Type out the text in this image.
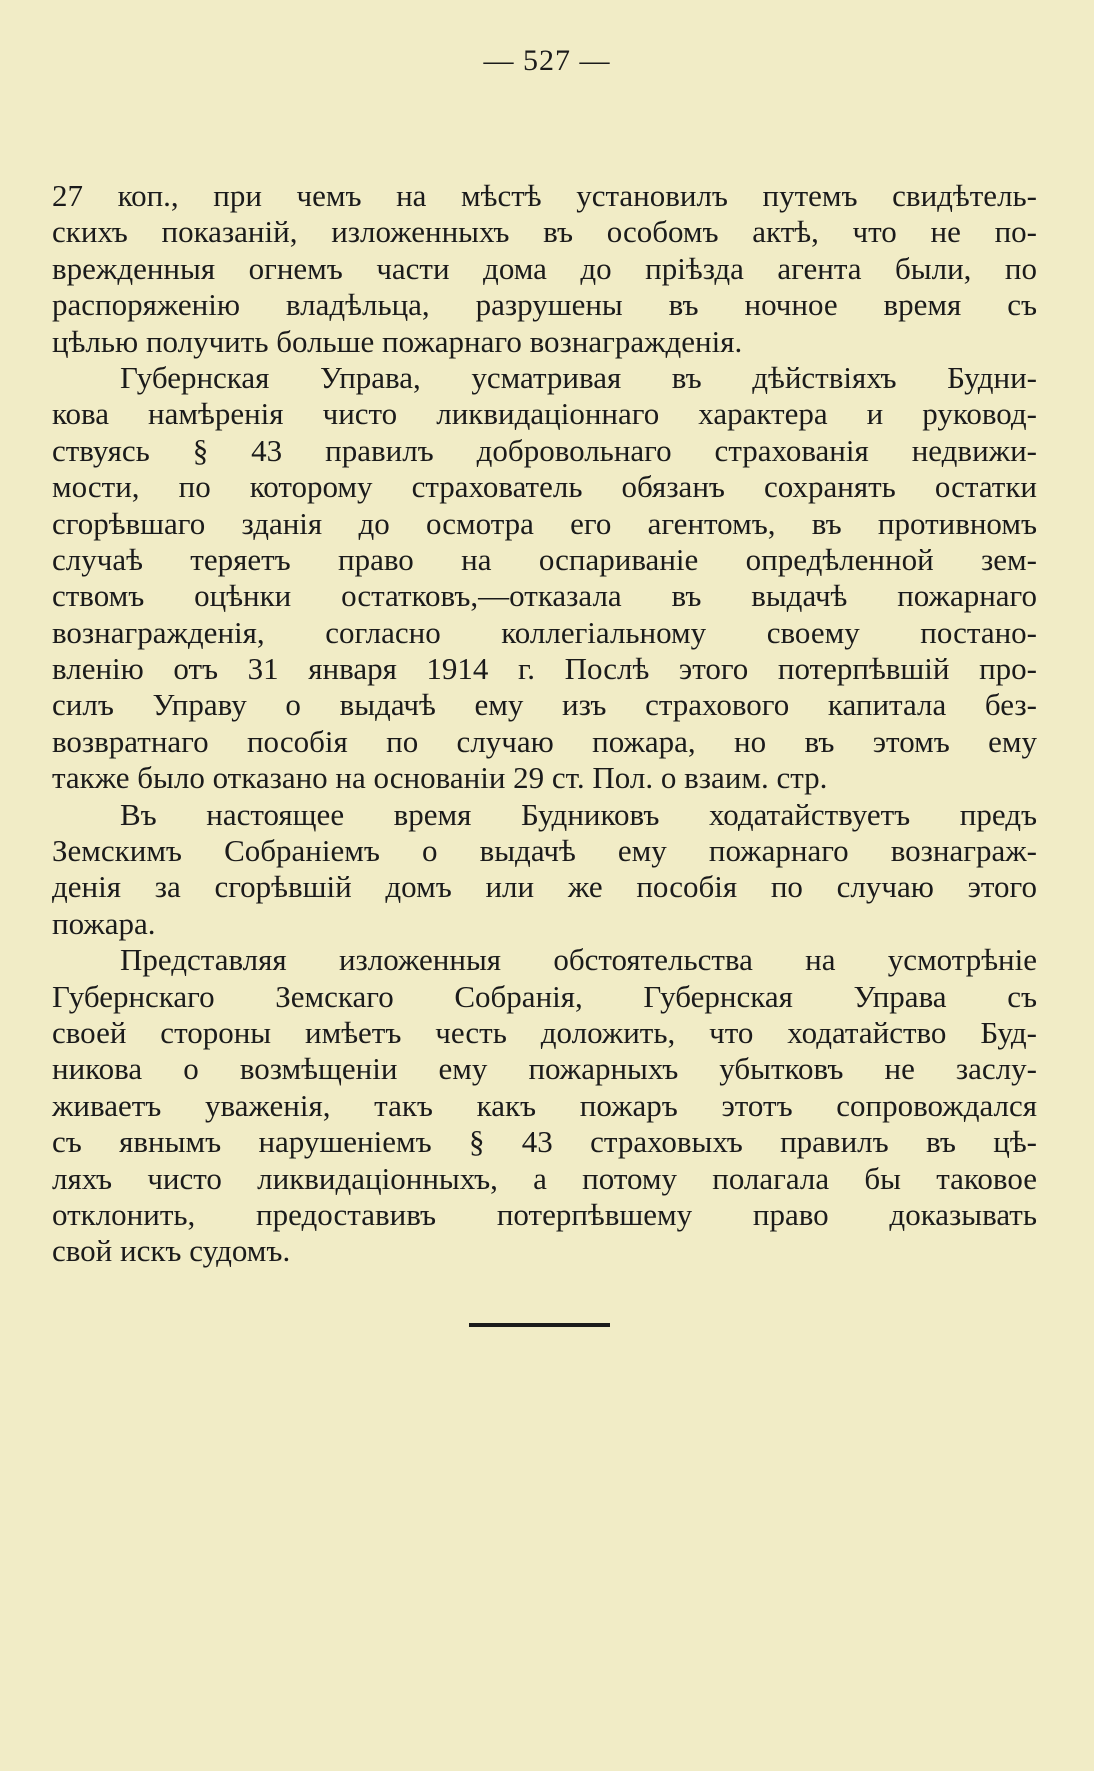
— 527 —
27 коп., при чемъ на мѣстѣ установилъ путемъ свидѣтель-
скихъ показаній, изложенныхъ въ особомъ актѣ, что не по-
врежденныя огнемъ части дома до пріѣзда агента были, по
распоряженію владѣльца, разрушены въ ночное время съ
цѣлью получить больше пожарнаго вознагражденія.
Губернская Управа, усматривая въ дѣйствіяхъ Будни-
кова намѣренія чисто ликвидаціоннаго характера и руковод-
ствуясь § 43 правилъ добровольнаго страхованія недвижи-
мости, по которому страхователь обязанъ сохранять остатки
сгорѣвшаго зданія до осмотра его агентомъ, въ противномъ
случаѣ теряетъ право на оспариваніе опредѣленной зем-
ствомъ оцѣнки остатковъ,—отказала въ выдачѣ пожарнаго
вознагражденія, согласно коллегіальному своему постано-
вленію отъ 31 января 1914 г. Послѣ этого потерпѣвшій про-
силъ Управу о выдачѣ ему изъ страхового капитала без-
возвратнаго пособія по случаю пожара, но въ этомъ ему
также было отказано на основаніи 29 ст. Пол. о взаим. стр.
Въ настоящее время Будниковъ ходатайствуетъ предъ
Земскимъ Собраніемъ о выдачѣ ему пожарнаго вознаграж-
денія за сгорѣвшій домъ или же пособія по случаю этого
пожара.
Представляя изложенныя обстоятельства на усмотрѣніе
Губернскаго Земскаго Собранія, Губернская Управа съ
своей стороны имѣетъ честь доложить, что ходатайство Буд-
никова о возмѣщеніи ему пожарныхъ убытковъ не заслу-
живаетъ уваженія, такъ какъ пожаръ этотъ сопровождался
съ явнымъ нарушеніемъ § 43 страховыхъ правилъ въ цѣ-
ляхъ чисто ликвидаціонныхъ, а потому полагала бы таковое
отклонить, предоставивъ потерпѣвшему право доказывать
свой искъ судомъ.
